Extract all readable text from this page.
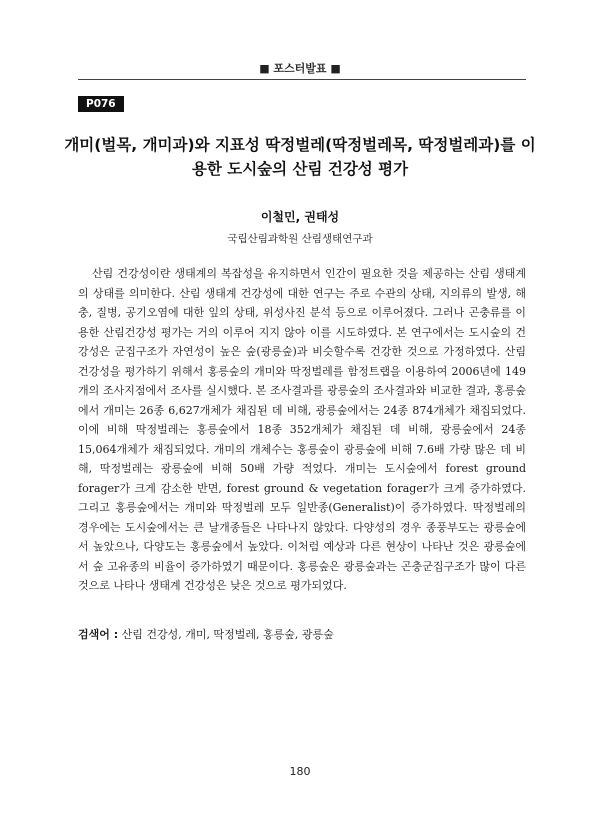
■ 포스터발표 ■
P076
개미(벌목, 개미과)와 지표성 딱정벌레(딱정벌레목, 딱정벌레과)를 이용한 도시숲의 산림 건강성 평가
이철민, 권태성
국립산림과학원 산림생태연구과

산림 건강성이란 생태계의 복잡성을 유지하면서 인간이 필요한 것을 제공하는 산림 생태계의 상태를 의미한다. 산림 생태계 건강성에 대한 연구는 주로 수관의 상태, 지의류의 발생, 해충, 질병, 공기오염에 대한 잎의 상태, 위성사진 분석 등으로 이루어졌다. 그러나 곤충류를 이용한 산림건강성 평가는 거의 이루어 지지 않아 이를 시도하였다. 본 연구에서는 도시숲의 건강성은 군집구조가 자연성이 높은 숲(광릉숲)과 비슷할수록 건강한 것으로 가정하였다. 산림 건강성을 평가하기 위해서 홍릉숲의 개미와 딱정벌레를 함정트랩을 이용하여 2006년에 149개의 조사지점에서 조사를 실시했다. 본 조사결과를 광릉숲의 조사결과와 비교한 결과, 홍릉숲에서 개미는 26종 6,627개체가 채집된 데 비해, 광릉숲에서는 24종 874개체가 채집되었다. 이에 비해 딱정벌레는 홍릉숲에서 18종 352개체가 채집된 데 비해, 광릉숲에서 24종 15,064개체가 채집되었다. 개미의 개체수는 홍릉숲이 광릉숲에 비해 7.6배 가량 많은 데 비해, 딱정벌레는 광릉숲에 비해 50배 가량 적었다. 개미는 도시숲에서 forest ground forager가 크게 감소한 반면, forest ground & vegetation forager가 크게 증가하였다. 그리고 홍릉숲에서는 개미와 딱정벌레 모두 일반종(Generalist)이 증가하였다. 딱정벌레의 경우에는 도시숲에서는 큰 날개종들은 나타나지 않았다. 다양성의 경우 종풍부도는 광릉숲에서 높았으나, 다양도는 홍릉숲에서 높았다. 이처럼 예상과 다른 현상이 나타난 것은 광릉숲에서 숲 고유종의 비율이 증가하였기 때문이다. 홍릉숲은 광릉숲과는 곤충군집구조가 많이 다른 것으로 나타나 생태계 건강성은 낮은 것으로 평가되었다.

검색어 : 산림 건강성, 개미, 딱정벌레, 홍릉숲, 광릉숲
180
